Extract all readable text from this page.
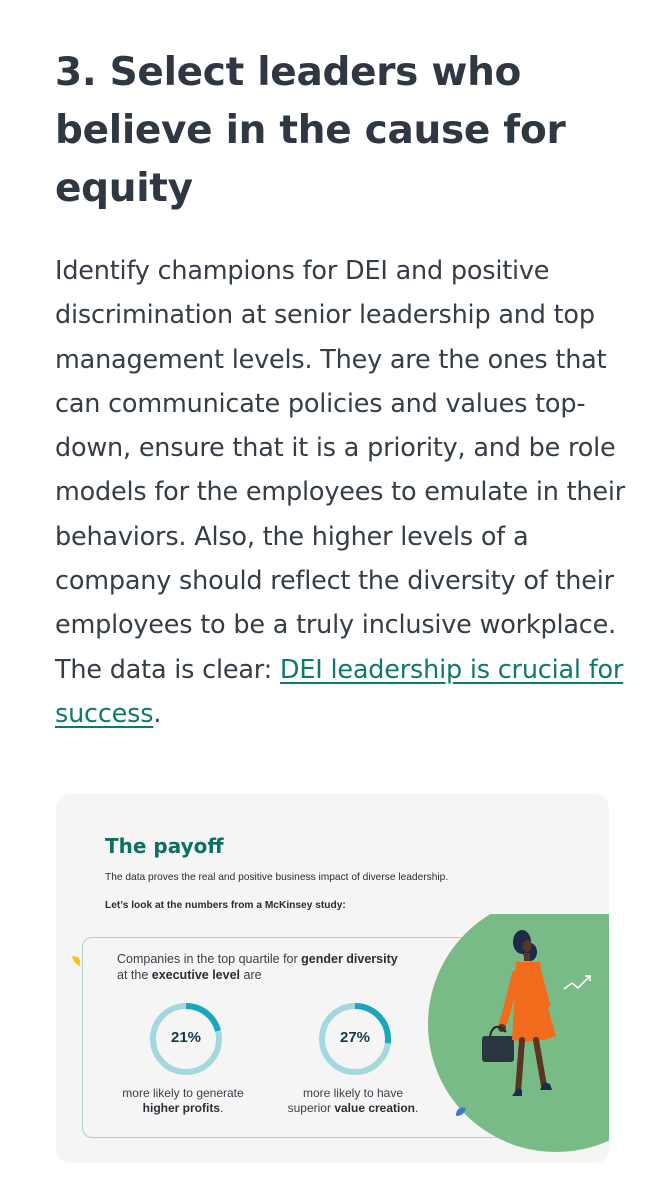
3. Select leaders who believe in the cause for equity

Identify champions for DEI and positive discrimination at senior leadership and top management levels. They are the ones that can communicate policies and values top-down, ensure that it is a priority, and be role models for the employees to emulate in their behaviors. Also, the higher levels of a company should reflect the diversity of their employees to be a truly inclusive workplace. The data is clear: DEI leadership is crucial for success.

The payoff
The data proves the real and positive business impact of diverse leadership.
Let’s look at the numbers from a McKinsey study:
Companies in the top quartile for gender diversity
at the executive level are
21%	27%
more likely to generate
higher profits.
more likely to have
superior value creation.
